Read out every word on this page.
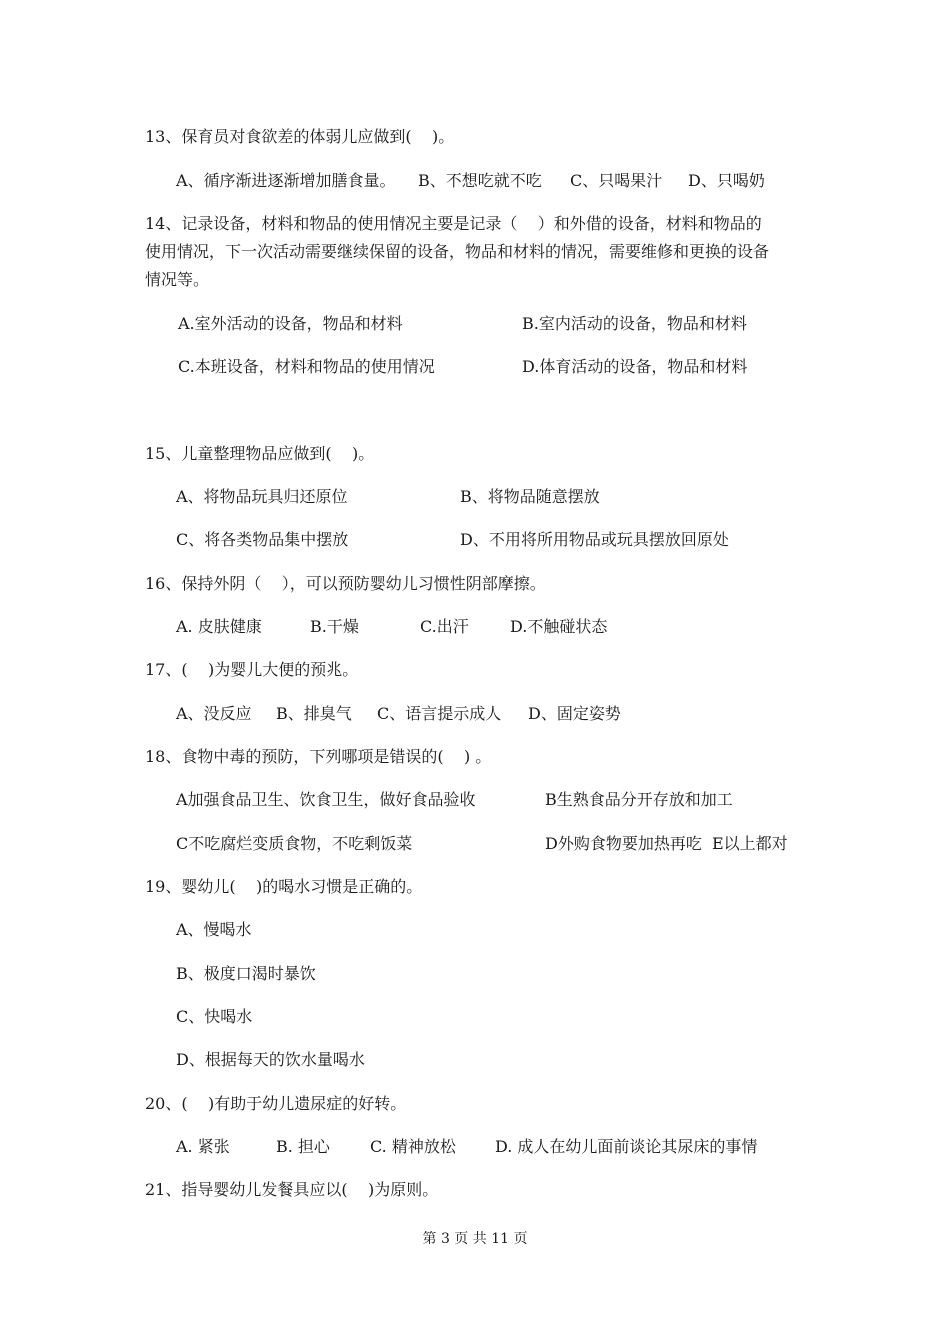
13、保育员对食欲差的体弱儿应做到(    )。
A、循序渐进逐渐增加膳食量。 B、不想吃就不吃 C、只喝果汁 D、只喝奶
14、记录设备，材料和物品的使用情况主要是记录（    ）和外借的设备，材料和物品的
使用情况，下一次活动需要继续保留的设备，物品和材料的情况，需要维修和更换的设备
情况等。
A.室外活动的设备，物品和材料	B.室内活动的设备，物品和材料
C.本班设备，材料和物品的使用情况	D.体育活动的设备，物品和材料
15、儿童整理物品应做到(    )。
A、将物品玩具归还原位	B、将物品随意摆放
C、将各类物品集中摆放	D、不用将所用物品或玩具摆放回原处
16、保持外阴（    ），可以预防婴幼儿习惯性阴部摩擦。
A. 皮肤健康	B.干燥	C.出汗	D.不触碰状态
17、(    )为婴儿大便的预兆。
A、没反应 B、排臭气 C、语言提示成人 D、固定姿势
18、食物中毒的预防，下列哪项是错误的(    ) 。
A加强食品卫生、饮食卫生，做好食品验收	B生熟食品分开存放和加工
C不吃腐烂变质食物，不吃剩饭菜	D外购食物要加热再吃  E以上都对
19、婴幼儿(    )的喝水习惯是正确的。
A、慢喝水
B、极度口渴时暴饮
C、快喝水
D、根据每天的饮水量喝水
20、(    )有助于幼儿遗尿症的好转。
A. 紧张	B. 担心	C. 精神放松 D. 成人在幼儿面前谈论其尿床的事情
21、指导婴幼儿发餐具应以(    )为原则。
第 3 页 共 11 页
